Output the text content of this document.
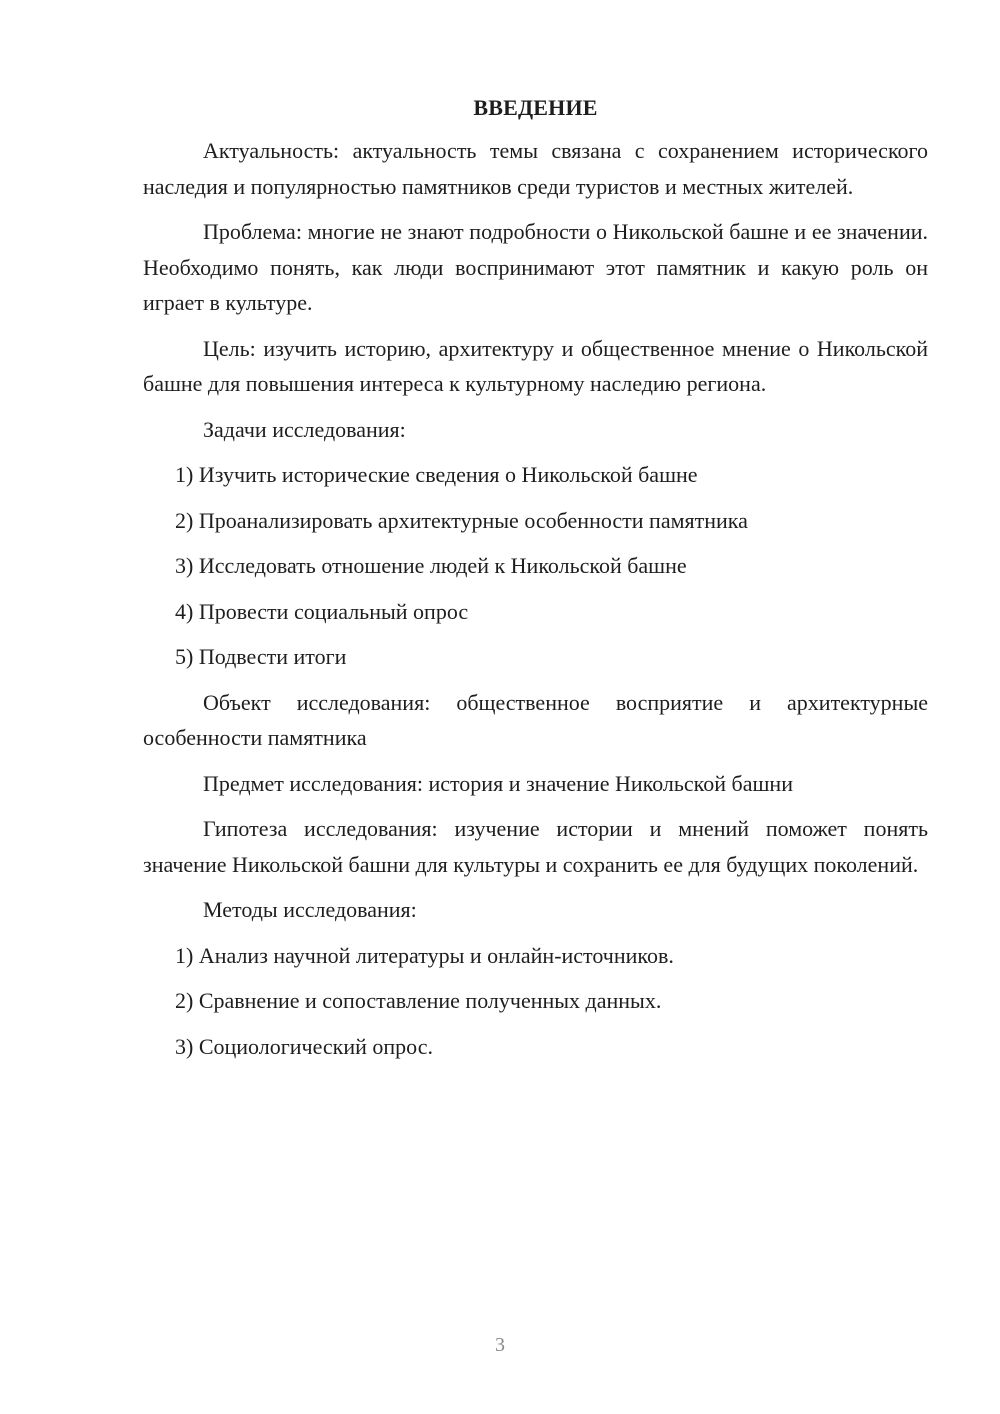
ВВЕДЕНИЕ

Актуальность: актуальность темы связана с сохранением исторического наследия и популярностью памятников среди туристов и местных жителей.

Проблема: многие не знают подробности о Никольской башне и ее значении. Необходимо понять, как люди воспринимают этот памятник и какую роль он играет в культуре.

Цель: изучить историю, архитектуру и общественное мнение о Никольской башне для повышения интереса к культурному наследию региона.

Задачи исследования:

1) Изучить исторические сведения о Никольской башне

2) Проанализировать архитектурные особенности памятника

3) Исследовать отношение людей к Никольской башне

4) Провести социальный опрос

5) Подвести итоги

Объект исследования: общественное восприятие и архитектурные особенности памятника

Предмет исследования: история и значение Никольской башни

Гипотеза исследования: изучение истории и мнений поможет понять значение Никольской башни для культуры и сохранить ее для будущих поколений.

Методы исследования:

1) Анализ научной литературы и онлайн-источников.

2) Сравнение и сопоставление полученных данных.

3) Социологический опрос.

3
